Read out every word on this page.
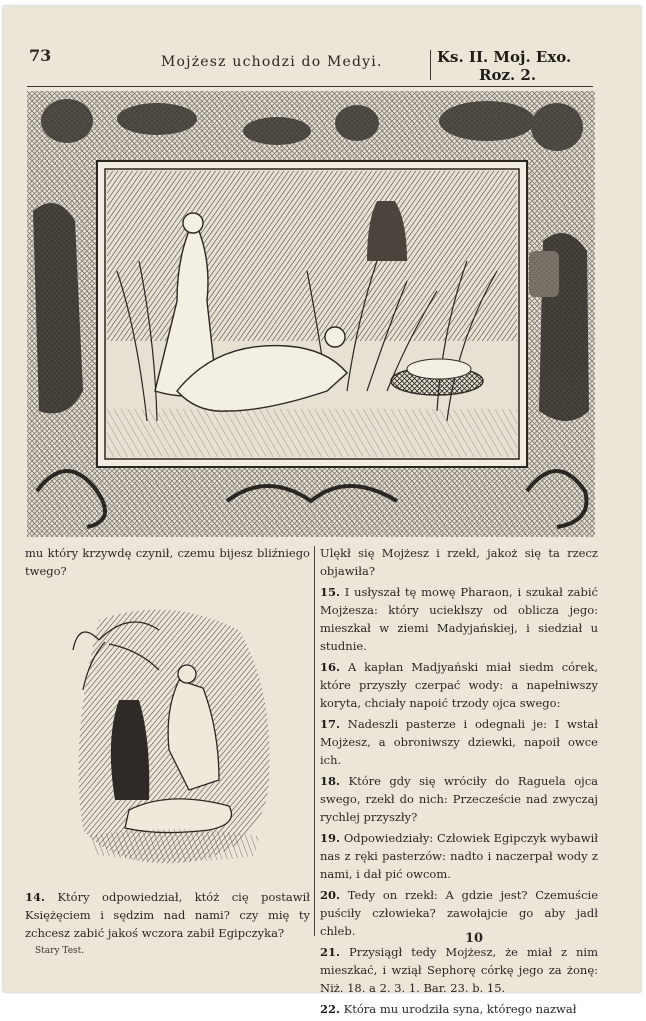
73	Mojżesz uchodzi do Medyi.	Ks. II. Moj. Exo.
Roz. 2.

mu który krzywdę czynił, czemu bijesz bliźniego twego?

14. Który odpowiedział, któż cię postawił Księżęciem i sędzim nad nami? czy mię ty zchcesz zabić jakoś wczora zabił Egipczyka?

Stary Test.

Ulękł się Mojżesz i rzekł, jakoż się ta rzecz objawiła?

15. I usłyszał tę mowę Pharaon, i szukał zabić Mojżesza: który uciekłszy od oblicza jego: mieszkał w ziemi Madyjańskiej, i siedział u studnie.

16. A kapłan Madjyański miał siedm córek, które przyszły czerpać wody: a napełniwszy koryta, chciały napoić trzody ojca swego:

17. Nadeszli pasterze i odegnali je: I wstał Mojżesz, a obroniwszy dziewki, napoił owce ich.

18. Które gdy się wróciły do Raguela ojca swego, rzekł do nich: Przeczeście nad zwyczaj rychlej przyszły?

19. Odpowiedziały: Człowiek Egipczyk wybawił nas z ręki pasterzów: nadto i naczerpał wody z nami, i dał pić owcom.

20. Tedy on rzekł: A gdzie jest? Czemuście puściły człowieka? zawołajcie go aby jadł chleb.

21. Przysiągł tedy Mojżesz, że miał z nim mieszkać, i wziął Sephorę córkę jego za żonę: Niż. 18. a 2. 3. 1. Bar. 23. b. 15.

22. Która mu urodziła syna, którego nazwał

10
